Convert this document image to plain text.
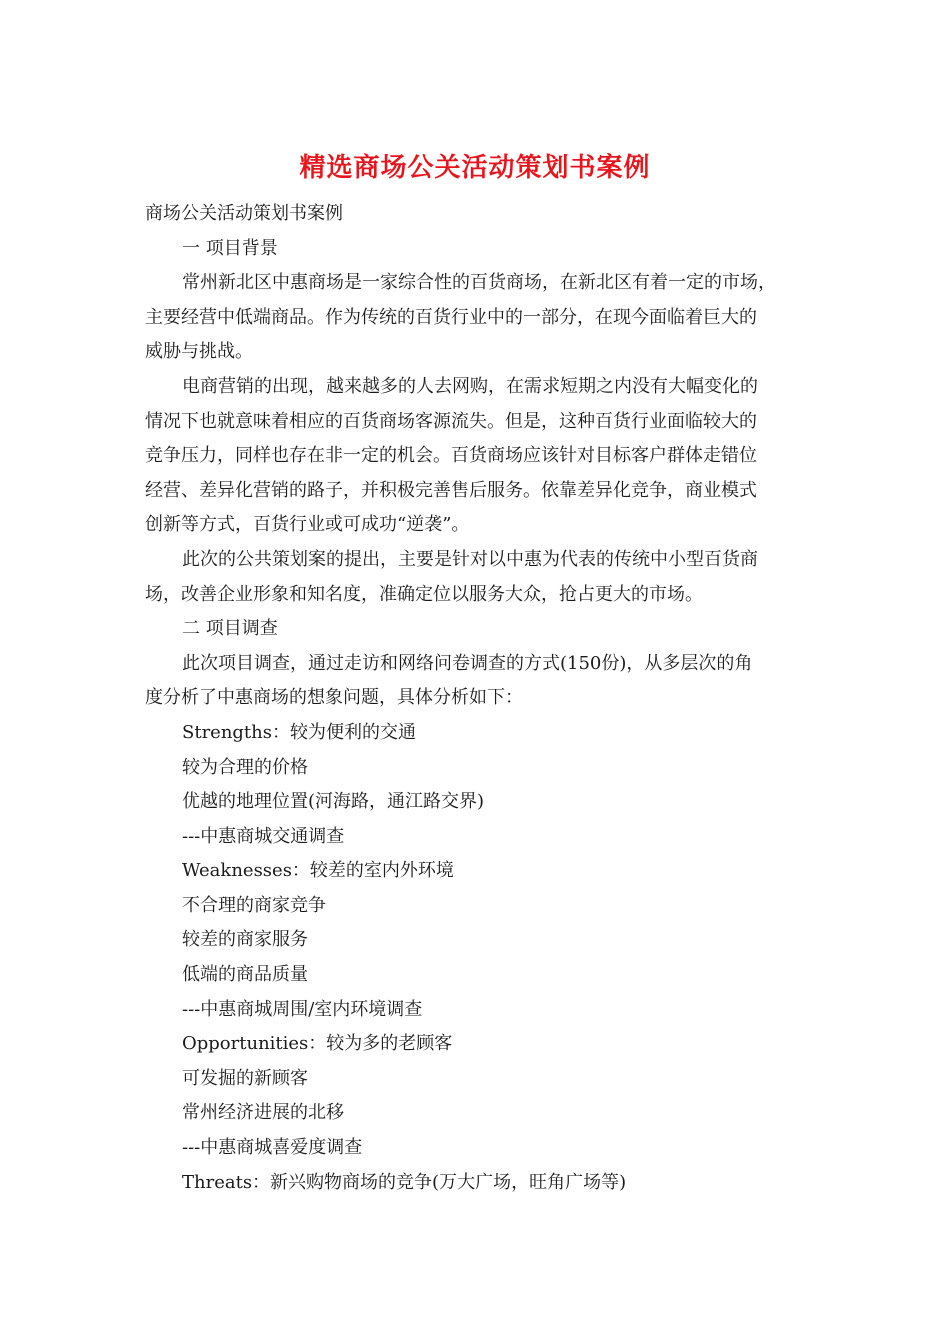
精选商场公关活动策划书案例
商场公关活动策划书案例
一 项目背景
常州新北区中惠商场是一家综合性的百货商场，在新北区有着一定的市场，
主要经营中低端商品。作为传统的百货行业中的一部分，在现今面临着巨大的
威胁与挑战。
电商营销的出现，越来越多的人去网购，在需求短期之内没有大幅变化的
情况下也就意味着相应的百货商场客源流失。但是，这种百货行业面临较大的
竞争压力，同样也存在非一定的机会。百货商场应该针对目标客户群体走错位
经营、差异化营销的路子，并积极完善售后服务。依靠差异化竞争，商业模式
创新等方式，百货行业或可成功“逆袭”。
此次的公共策划案的提出，主要是针对以中惠为代表的传统中小型百货商
场，改善企业形象和知名度，准确定位以服务大众，抢占更大的市场。
二 项目调查
此次项目调查，通过走访和网络问卷调查的方式(150份)，从多层次的角
度分析了中惠商场的想象问题，具体分析如下：
Strengths：较为便利的交通
较为合理的价格
优越的地理位置(河海路，通江路交界)
---中惠商城交通调查
Weaknesses：较差的室内外环境
不合理的商家竞争
较差的商家服务
低端的商品质量
---中惠商城周围/室内环境调查
Opportunities：较为多的老顾客
可发掘的新顾客
常州经济进展的北移
---中惠商城喜爱度调查
Threats：新兴购物商场的竞争(万大广场，旺角广场等)
